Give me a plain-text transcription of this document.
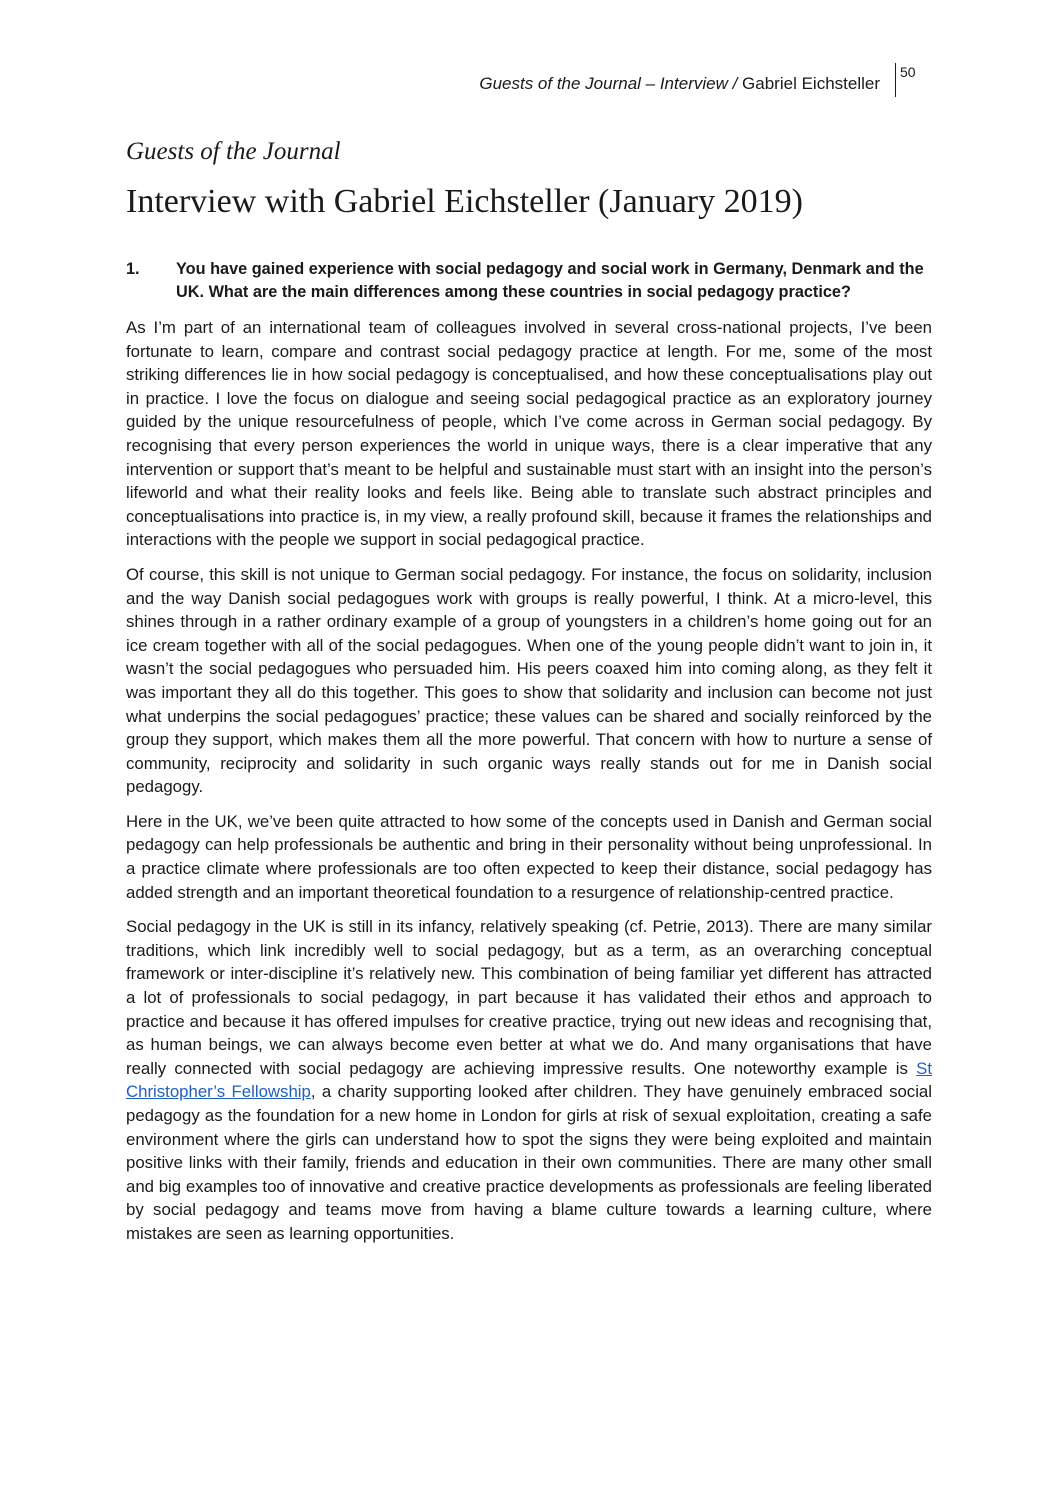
Guests of the Journal – Interview / Gabriel Eichsteller
50
Guests of the Journal
Interview with Gabriel Eichsteller (January 2019)
1. You have gained experience with social pedagogy and social work in Germany, Denmark and the UK. What are the main differences among these countries in social pedagogy practice?

As I’m part of an international team of colleagues involved in several cross-national projects, I’ve been fortunate to learn, compare and contrast social pedagogy practice at length. For me, some of the most striking differences lie in how social pedagogy is conceptualised, and how these conceptualisations play out in practice. I love the focus on dialogue and seeing social pedagogical practice as an exploratory journey guided by the unique resourcefulness of people, which I’ve come across in German social pedagogy. By recognising that every person experiences the world in unique ways, there is a clear imperative that any intervention or support that’s meant to be helpful and sustainable must start with an insight into the person’s lifeworld and what their reality looks and feels like. Being able to translate such abstract principles and conceptualisations into practice is, in my view, a really profound skill, because it frames the relationships and interactions with the people we support in social pedagogical practice.

Of course, this skill is not unique to German social pedagogy. For instance, the focus on solidarity, inclusion and the way Danish social pedagogues work with groups is really powerful, I think. At a micro-level, this shines through in a rather ordinary example of a group of youngsters in a children’s home going out for an ice cream together with all of the social pedagogues. When one of the young people didn’t want to join in, it wasn’t the social pedagogues who persuaded him. His peers coaxed him into coming along, as they felt it was important they all do this together. This goes to show that solidarity and inclusion can become not just what underpins the social pedagogues’ practice; these values can be shared and socially reinforced by the group they support, which makes them all the more powerful. That concern with how to nurture a sense of community, reciprocity and solidarity in such organic ways really stands out for me in Danish social pedagogy.

Here in the UK, we’ve been quite attracted to how some of the concepts used in Danish and German social pedagogy can help professionals be authentic and bring in their personality without being unprofessional. In a practice climate where professionals are too often expected to keep their distance, social pedagogy has added strength and an important theoretical foundation to a resurgence of relationship-centred practice.

Social pedagogy in the UK is still in its infancy, relatively speaking (cf. Petrie, 2013). There are many similar traditions, which link incredibly well to social pedagogy, but as a term, as an overarching conceptual framework or inter-discipline it’s relatively new. This combination of being familiar yet different has attracted a lot of professionals to social pedagogy, in part because it has validated their ethos and approach to practice and because it has offered impulses for creative practice, trying out new ideas and recognising that, as human beings, we can always become even better at what we do. And many organisations that have really connected with social pedagogy are achieving impressive results. One noteworthy example is St Christopher’s Fellowship, a charity supporting looked after children. They have genuinely embraced social pedagogy as the foundation for a new home in London for girls at risk of sexual exploitation, creating a safe environment where the girls can understand how to spot the signs they were being exploited and maintain positive links with their family, friends and education in their own communities. There are many other small and big examples too of innovative and creative practice developments as professionals are feeling liberated by social pedagogy and teams move from having a blame culture towards a learning culture, where mistakes are seen as learning opportunities.
